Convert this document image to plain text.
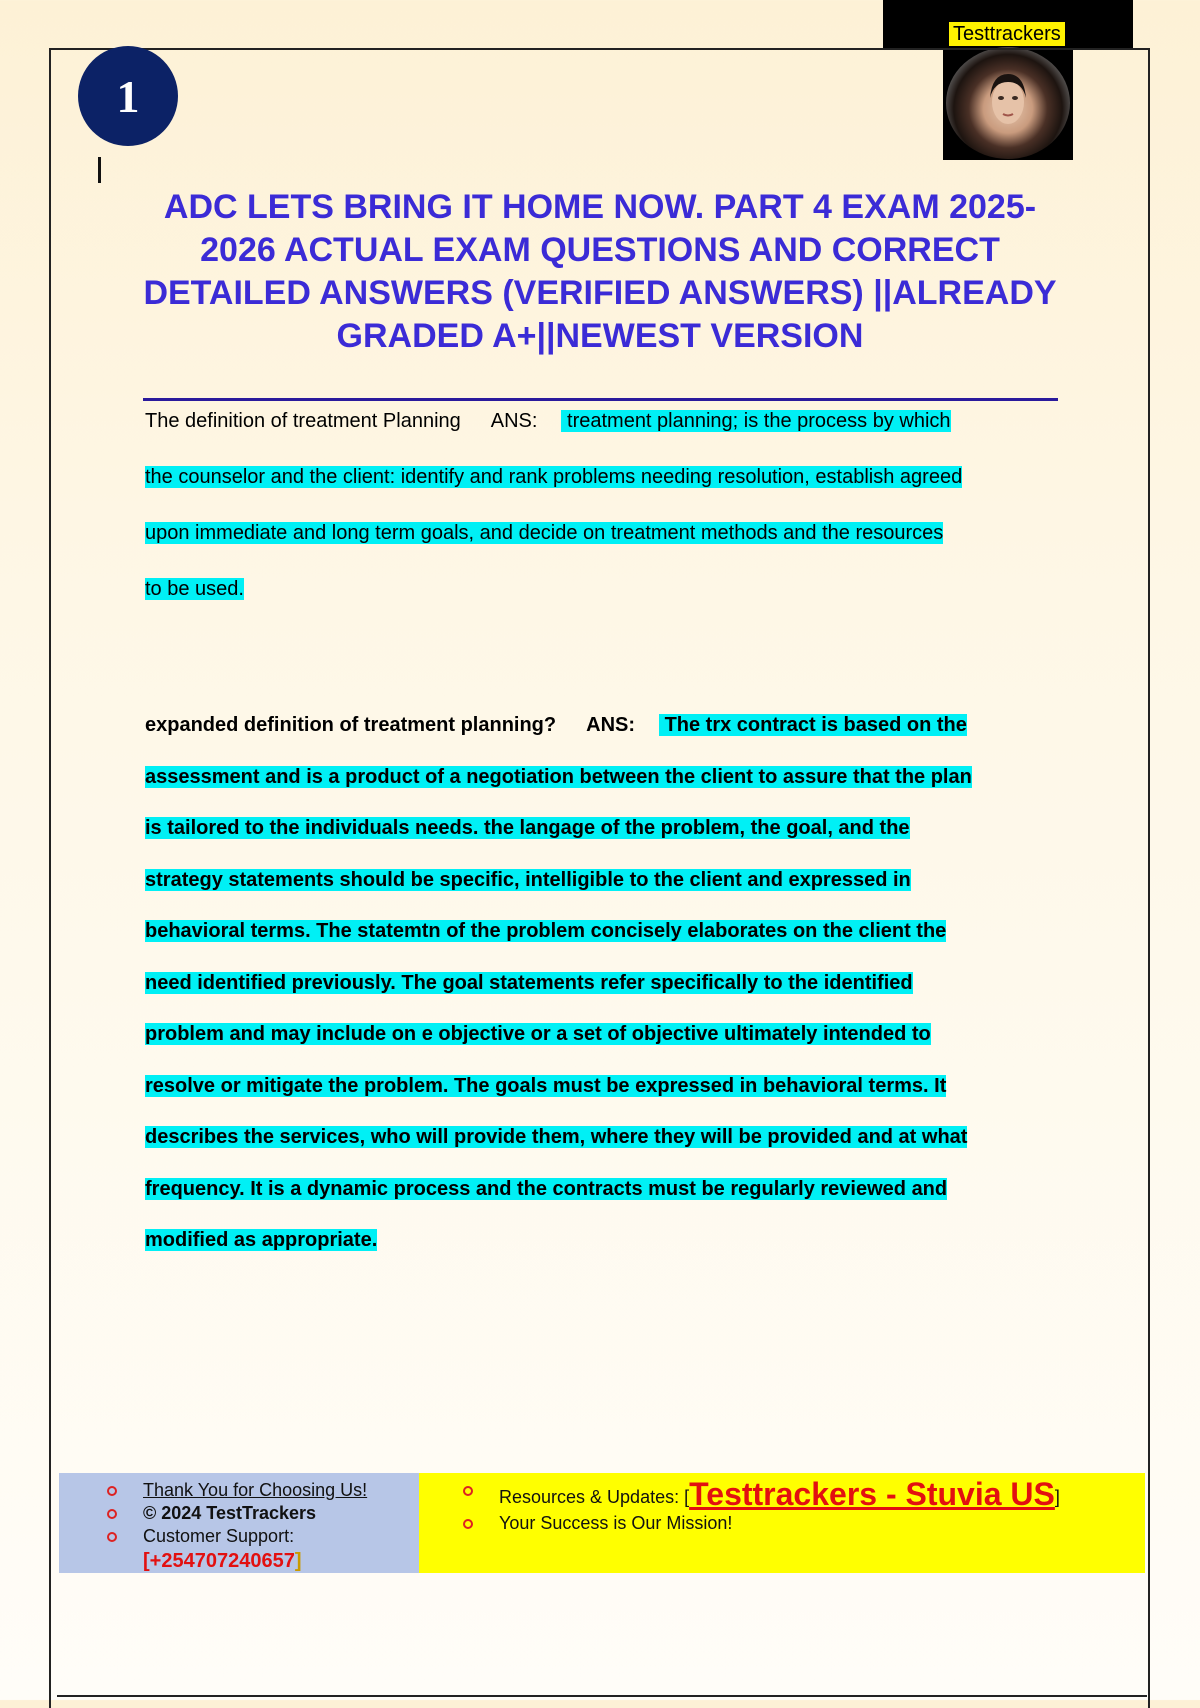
Testtrackers
1
ADC LETS BRING IT HOME NOW. PART 4 EXAM 2025-2026 ACTUAL EXAM QUESTIONS AND CORRECT DETAILED ANSWERS (VERIFIED ANSWERS) ||ALREADY GRADED A+||NEWEST VERSION
The definition of treatment Planning ANS: treatment planning; is the process by which
the counselor and the client: identify and rank problems needing resolution, establish agreed
upon immediate and long term goals, and decide on treatment methods and the resources
to be used.
expanded definition of treatment planning? ANS: The trx contract is based on the
assessment and is a product of a negotiation between the client to assure that the plan
is tailored to the individuals needs. the langage of the problem, the goal, and the
strategy statements should be specific, intelligible to the client and expressed in
behavioral terms. The statemtn of the problem concisely elaborates on the client the
need identified previously. The goal statements refer specifically to the identified
problem and may include on e objective or a set of objective ultimately intended to
resolve or mitigate the problem. The goals must be expressed in behavioral terms. It
describes the services, who will provide them, where they will be provided and at what
frequency. It is a dynamic process and the contracts must be regularly reviewed and
modified as appropriate.
Thank You for Choosing Us!
© 2024 TestTrackers
Customer Support:
[+254707240657]
Resources & Updates: [Testtrackers - Stuvia US]
Your Success is Our Mission!
